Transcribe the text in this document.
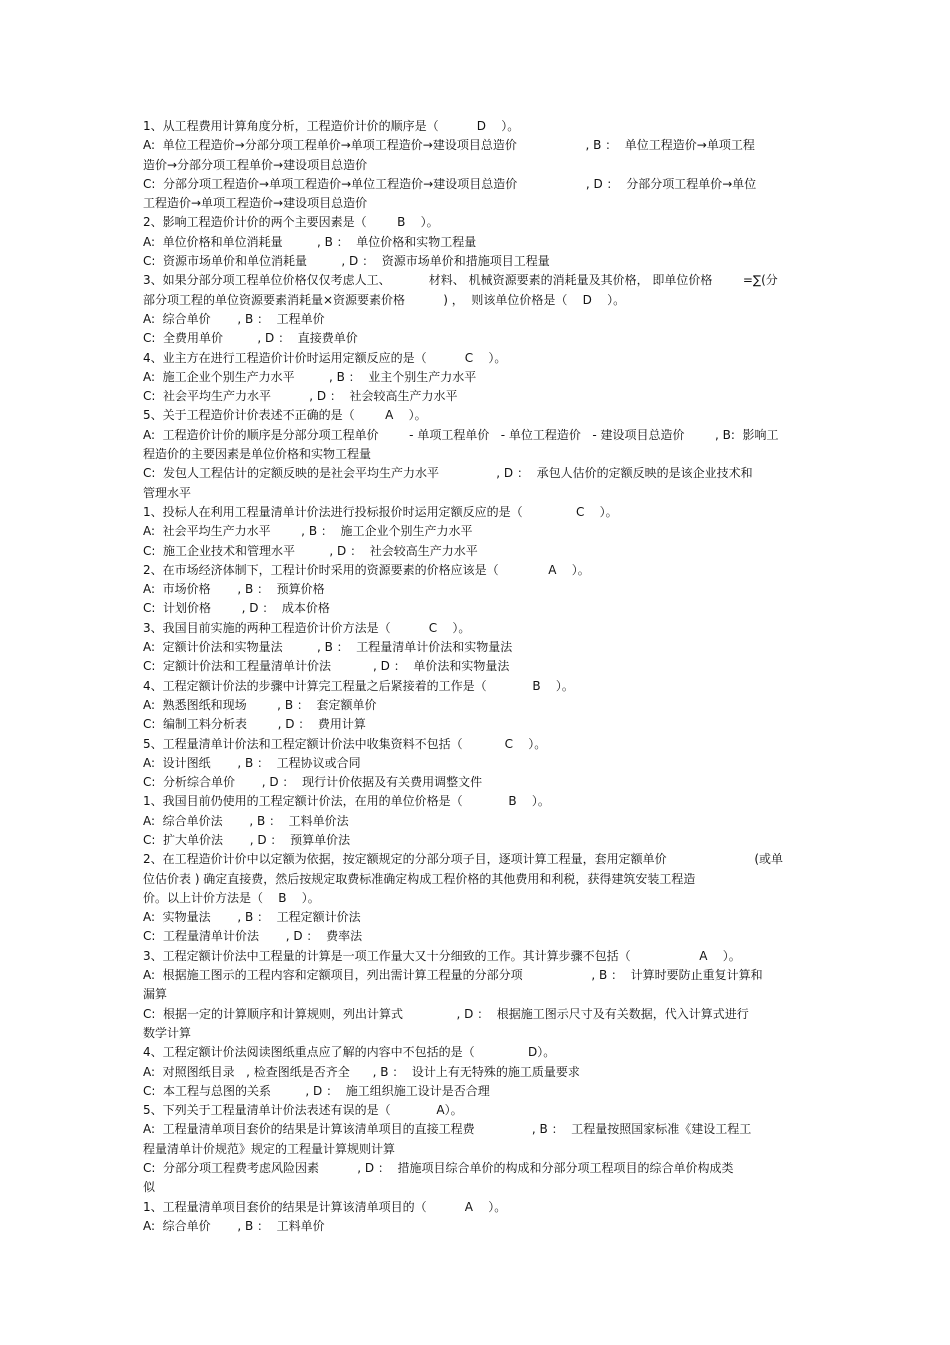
1、从工程费用计算角度分析，工程造价计价的顺序是（          D    ）。
A:  单位工程造价→分部分项工程单价→单项工程造价→建设项目总造价                  , B ：  单位工程造价→单项工程
造价→分部分项工程单价→建设项目总造价
C:  分部分项工程造价→单项工程造价→单位工程造价→建设项目总造价                  , D ：  分部分项工程单价→单位
工程造价→单项工程造价→建设项目总造价
2、影响工程造价计价的两个主要因素是（        B    ）。
A:  单位价格和单位消耗量         , B ：  单位价格和实物工程量
C:  资源市场单价和单位消耗量         , D ：  资源市场单价和措施项目工程量
3、如果分部分项工程单位价格仅仅考虑人工、          材料、 机械资源要素的消耗量及其价格， 即单位价格        =∑(分
部分项工程的单位资源要素消耗量×资源要素价格          ) ，  则该单位价格是（    D    ）。
A:  综合单价       , B ：  工程单价
C:  全费用单价         , D ：  直接费单价
4、业主方在进行工程造价计价时运用定额反应的是（          C    ）。
A:  施工企业个别生产力水平         , B ：  业主个别生产力水平
C:  社会平均生产力水平          , D ：  社会较高生产力水平
5、关于工程造价计价表述不正确的是（        A    ）。
A:  工程造价计价的顺序是分部分项工程单价        - 单项工程单价   - 单位工程造价   - 建设项目总造价        , B:  影响工
程造价的主要因素是单位价格和实物工程量
C:  发包人工程估计的定额反映的是社会平均生产力水平               , D ：  承包人估价的定额反映的是该企业技术和
管理水平
1、投标人在利用工程量清单计价法进行投标报价时运用定额反应的是（              C    ）。
A:  社会平均生产力水平        , B ：  施工企业个别生产力水平
C:  施工企业技术和管理水平         , D ：  社会较高生产力水平
2、在市场经济体制下，工程计价时采用的资源要素的价格应该是（             A    ）。
A:  市场价格       , B ：  预算价格
C:  计划价格        , D ：  成本价格
3、我国目前实施的两种工程造价计价方法是（          C    ）。
A:  定额计价法和实物量法         , B ：  工程量清单计价法和实物量法
C:  定额计价法和工程量清单计价法           , D ：  单价法和实物量法
4、工程定额计价法的步骤中计算完工程量之后紧接着的工作是（            B    ）。
A:  熟悉图纸和现场        , B ：  套定额单价
C:  编制工料分析表        , D ：  费用计算
5、工程量清单计价法和工程定额计价法中收集资料不包括（           C    ）。
A:  设计图纸       , B ：  工程协议或合同
C:  分析综合单价       , D ：  现行计价依据及有关费用调整文件
1、我国目前仍使用的工程定额计价法，在用的单位价格是（            B    ）。
A:  综合单价法       , B ：  工料单价法
C:  扩大单价法       , D ：  预算单价法
2、在工程造价计价中以定额为依据，按定额规定的分部分项子目，逐项计算工程量，套用定额单价                       (或单
位估价表 ) 确定直接费，然后按规定取费标准确定构成工程价格的其他费用和利税，获得建筑安装工程造
价。以上计价方法是（    B    ）。
A:  实物量法       , B ：  工程定额计价法
C:  工程量清单计价法       , D ：  费率法
3、工程定额计价法中工程量的计算是一项工作量大又十分细致的工作。其计算步骤不包括（                  A    ）。
A:  根据施工图示的工程内容和定额项目，列出需计算工程量的分部分项                  , B ：  计算时要防止重复计算和
漏算
C:  根据一定的计算顺序和计算规则，列出计算式              , D ：  根据施工图示尺寸及有关数据，代入计算式进行
数学计算
4、工程定额计价法阅读图纸重点应了解的内容中不包括的是（              D）。
A:  对照图纸目录   , 检查图纸是否齐全      , B ：  设计上有无特殊的施工质量要求
C:  本工程与总图的关系         , D ：  施工组织施工设计是否合理
5、下列关于工程量清单计价法表述有误的是（            A）。
A:  工程量清单项目套价的结果是计算该清单项目的直接工程费               , B ：  工程量按照国家标准《建设工程工
程量清单计价规范》规定的工程量计算规则计算
C:  分部分项工程费考虑风险因素          , D ：  措施项目综合单价的构成和分部分项工程项目的综合单价构成类
似
1、工程量清单项目套价的结果是计算该清单项目的（          A    ）。
A:  综合单价       , B ：  工料单价
